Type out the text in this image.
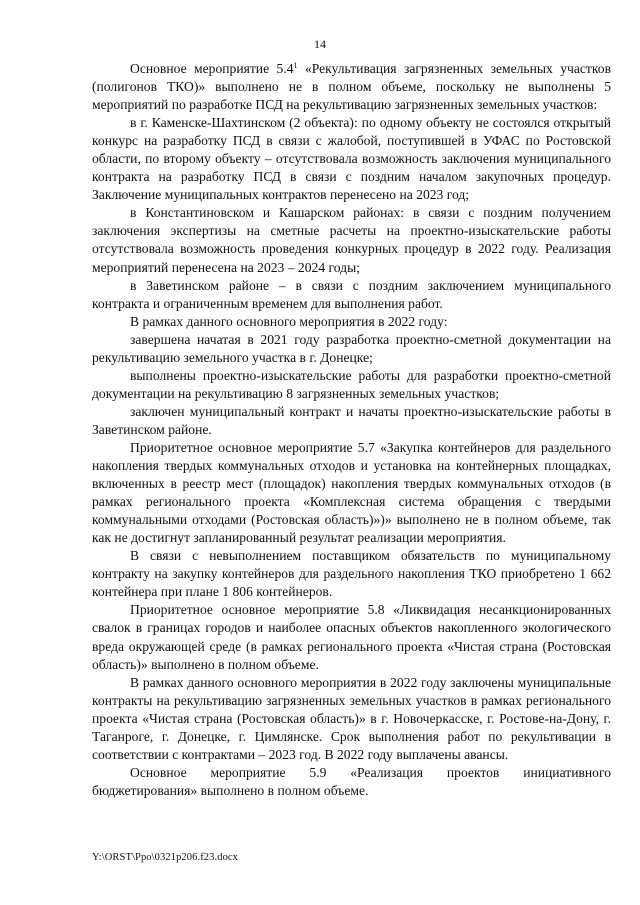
14

Основное мероприятие $5.4^1$ «Рекультивация загрязненных земельных участков (полигонов ТКО)» выполнено не в полном объеме, поскольку не выполнены 5 мероприятий по разработке ПСД на рекультивацию загрязненных земельных участков:

в г. Каменске-Шахтинском (2 объекта): по одному объекту не состоялся открытый конкурс на разработку ПСД в связи с жалобой, поступившей в УФАС по Ростовской области, по второму объекту – отсутствовала возможность заключения муниципального контракта на разработку ПСД в связи с поздним началом закупочных процедур. Заключение муниципальных контрактов перенесено на 2023 год;

в Константиновском и Кашарском районах: в связи с поздним получением заключения экспертизы на сметные расчеты на проектно-изыскательские работы отсутствовала возможность проведения конкурных процедур в 2022 году. Реализация мероприятий перенесена на 2023 – 2024 годы;

в Заветинском районе – в связи с поздним заключением муниципального контракта и ограниченным временем для выполнения работ.

В рамках данного основного мероприятия в 2022 году:

завершена начатая в 2021 году разработка проектно-сметной документации на рекультивацию земельного участка в г. Донецке;

выполнены проектно-изыскательские работы для разработки проектно-сметной документации на рекультивацию 8 загрязненных земельных участков;

заключен муниципальный контракт и начаты проектно-изыскательские работы в Заветинском районе.

Приоритетное основное мероприятие 5.7 «Закупка контейнеров для раздельного накопления твердых коммунальных отходов и установка на контейнерных площадках, включенных в реестр мест (площадок) накопления твердых коммунальных отходов (в рамках регионального проекта «Комплексная система обращения с твердыми коммунальными отходами (Ростовская область)»)» выполнено не в полном объеме, так как не достигнут запланированный результат реализации мероприятия.

В связи с невыполнением поставщиком обязательств по муниципальному контракту на закупку контейнеров для раздельного накопления ТКО приобретено 1 662 контейнера при плане 1 806 контейнеров.

Приоритетное основное мероприятие 5.8 «Ликвидация несанкционированных свалок в границах городов и наиболее опасных объектов накопленного экологического вреда окружающей среде (в рамках регионального проекта «Чистая страна (Ростовская область)» выполнено в полном объеме.

В рамках данного основного мероприятия в 2022 году заключены муниципальные контракты на рекультивацию загрязненных земельных участков в рамках регионального проекта «Чистая страна (Ростовская область)» в г. Новочеркасске, г. Ростове-на-Дону, г. Таганроге, г. Донецке, г. Цимлянске. Срок выполнения работ по рекультивации в соответствии с контрактами – 2023 год. В 2022 году выплачены авансы.

Основное мероприятие 5.9 «Реализация проектов инициативного бюджетирования» выполнено в полном объеме.

Y:\ORST\Ppo\0321p206.f23.docx
